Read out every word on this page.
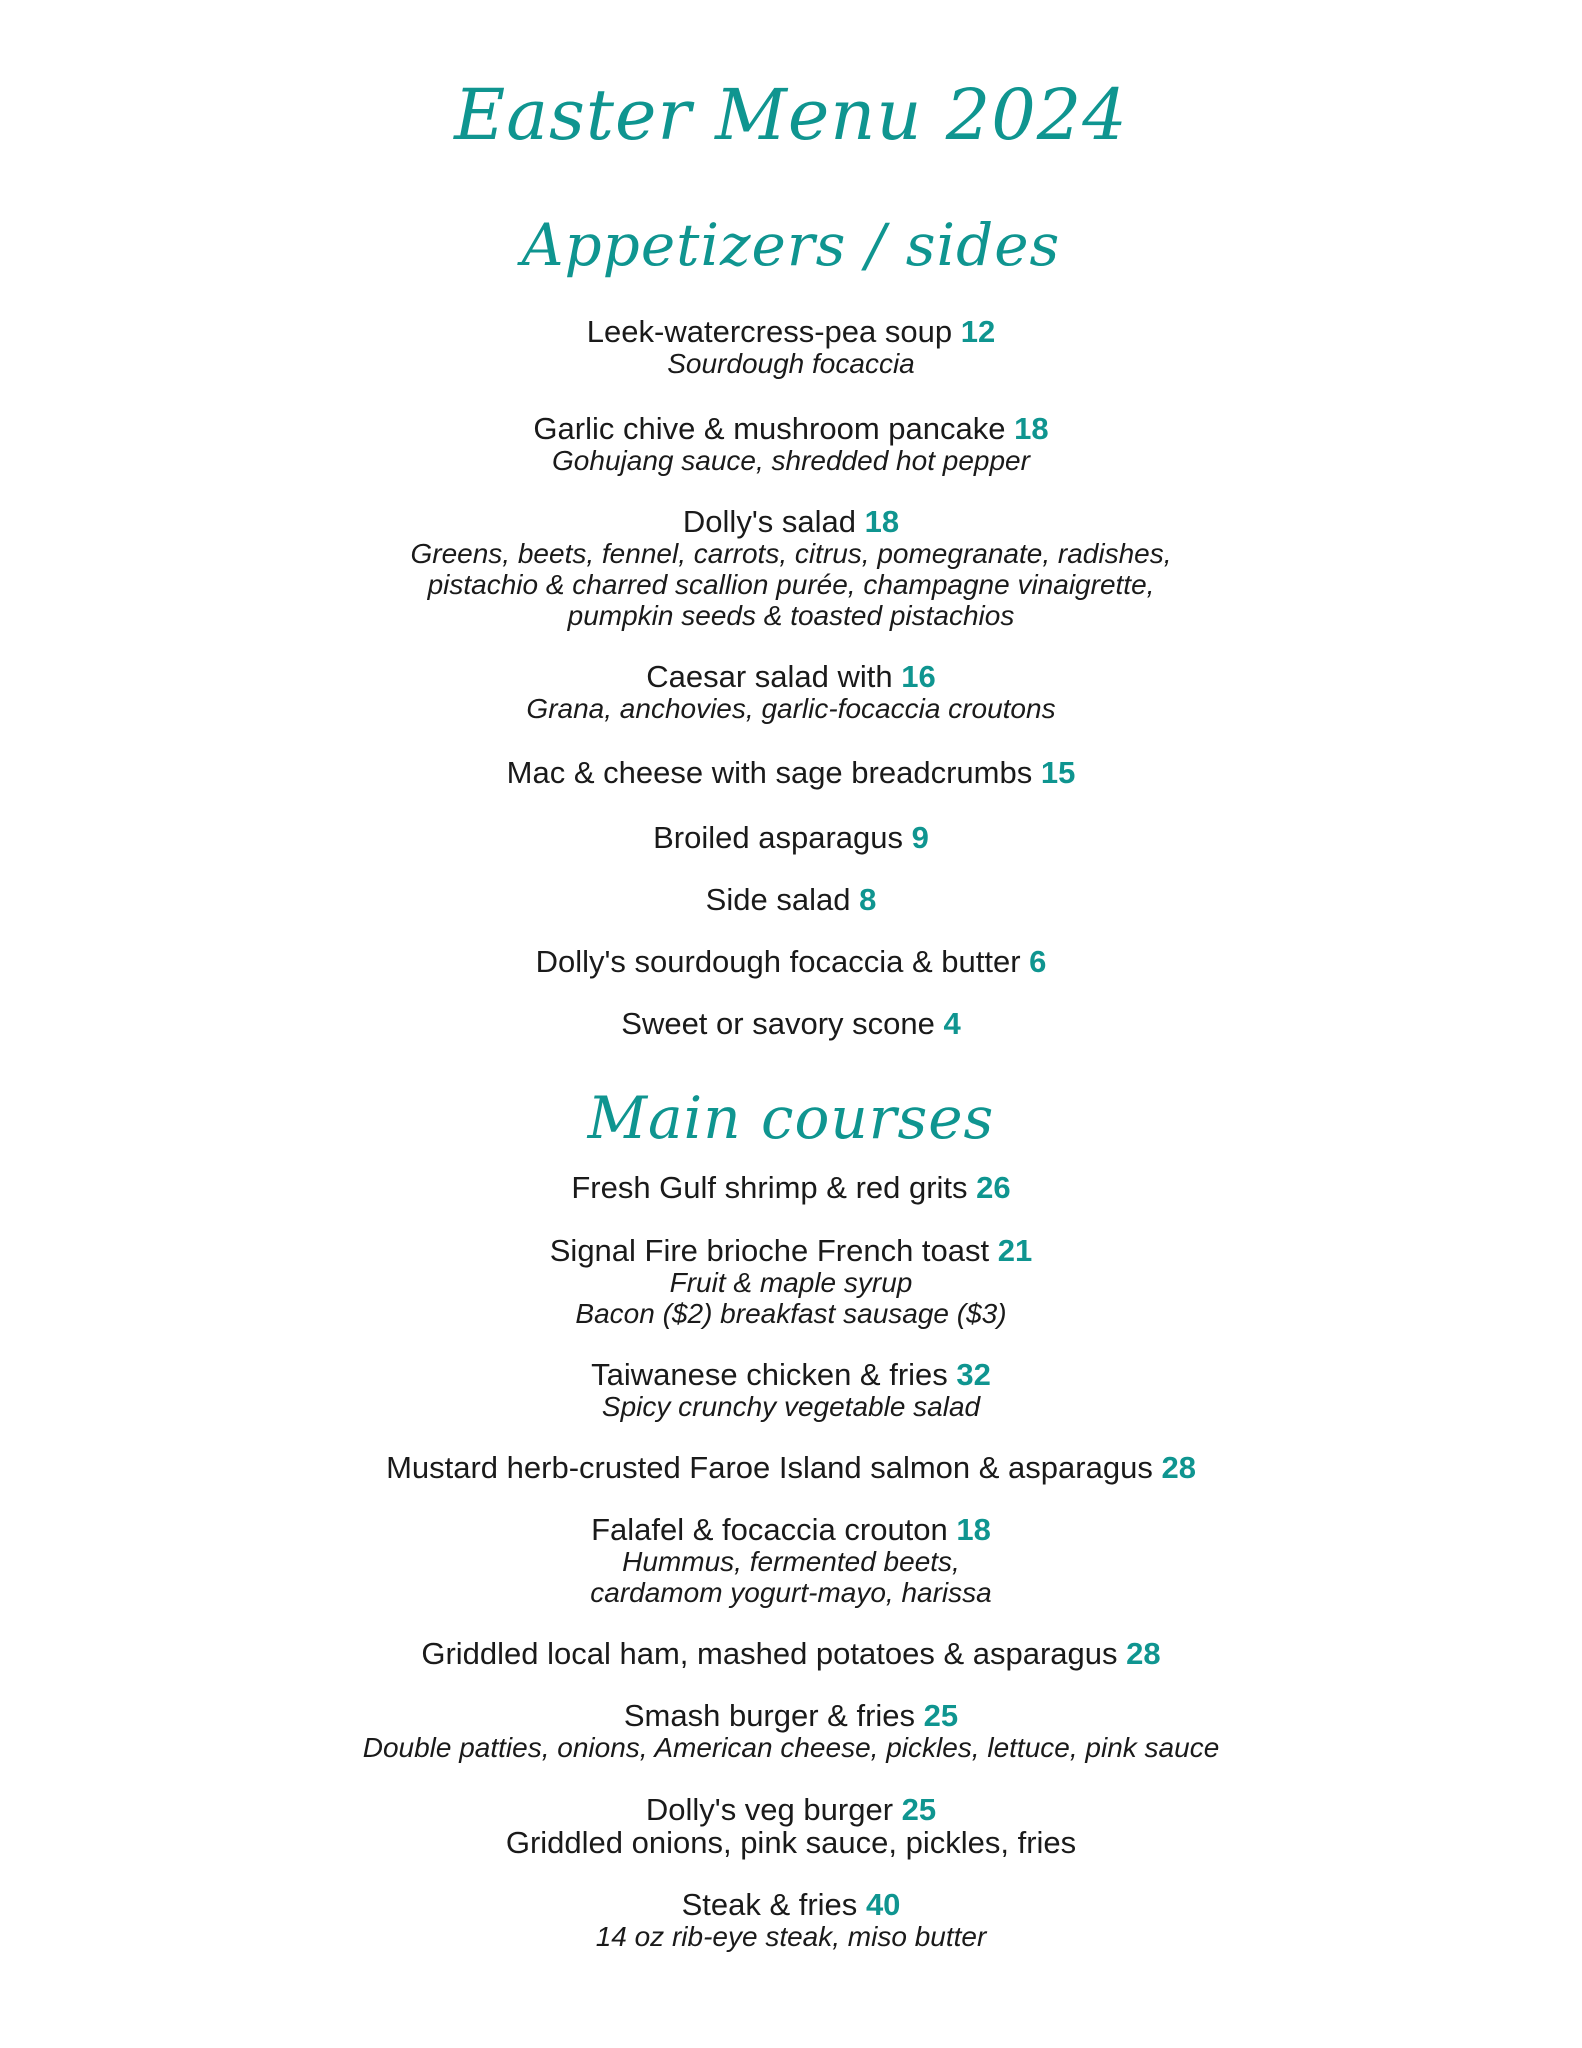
Easter Menu 2024
Appetizers / sides
Leek-watercress-pea soup 12
Sourdough focaccia
Garlic chive & mushroom pancake 18
Gohujang sauce, shredded hot pepper
Dolly's salad 18
Greens, beets, fennel, carrots, citrus, pomegranate, radishes,
pistachio & charred scallion purée, champagne vinaigrette,
pumpkin seeds & toasted pistachios
Caesar salad with 16
Grana, anchovies, garlic-focaccia croutons
Mac & cheese with sage breadcrumbs 15
Broiled asparagus 9
Side salad 8
Dolly's sourdough focaccia & butter 6
Sweet or savory scone 4
Main courses
Fresh Gulf shrimp & red grits 26
Signal Fire brioche French toast 21
Fruit & maple syrup
Bacon ($2) breakfast sausage ($3)
Taiwanese chicken & fries 32
Spicy crunchy vegetable salad
Mustard herb-crusted Faroe Island salmon & asparagus 28
Falafel & focaccia crouton 18
Hummus, fermented beets,
cardamom yogurt-mayo, harissa
Griddled local ham, mashed potatoes & asparagus 28
Smash burger & fries 25
Double patties, onions, American cheese, pickles, lettuce, pink sauce
Dolly's veg burger 25
Griddled onions, pink sauce, pickles, fries
Steak & fries 40
14 oz rib-eye steak, miso butter
